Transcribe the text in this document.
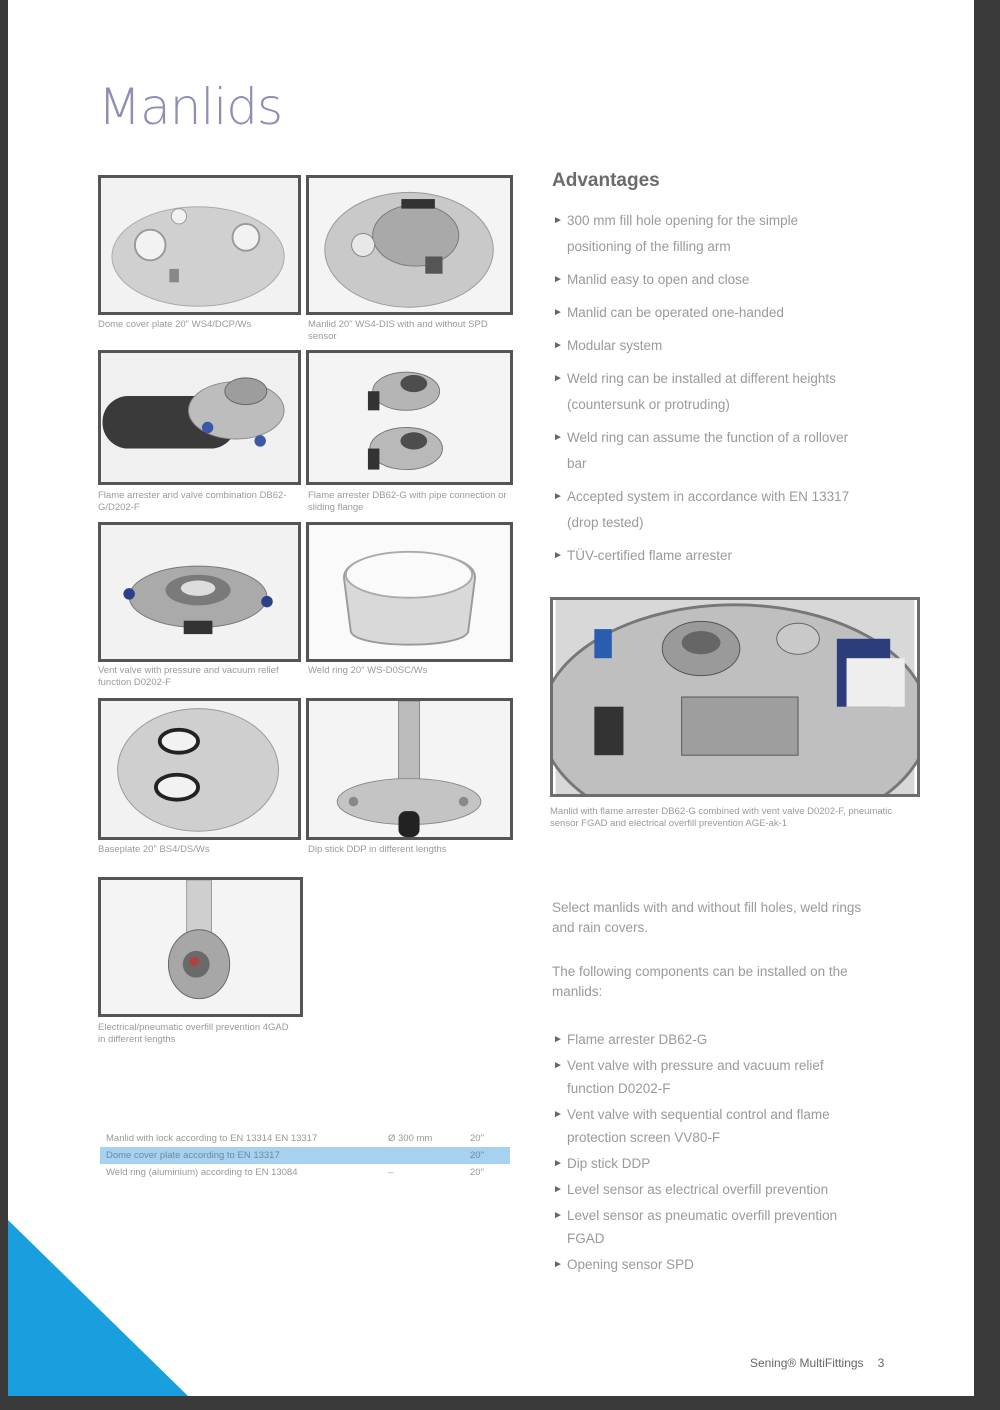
Manlids
Dome cover plate 20" WS4/DCP/Ws	Manlid 20" WS4-DIS with and without SPD sensor
Flame arrester and valve combination DB62-G/D202-F
Flame arrester DB62-G with pipe connection or sliding flange
Vent valve with pressure and vacuum relief function D0202-F
Weld ring 20" WS-D0SC/Ws
Baseplate 20" BS4/DS/Ws	Dip stick DDP in different lengths
Electrical/pneumatic overfill prevention 4GAD in different lengths
Advantages
► 300 mm fill hole opening for the simple positioning of the filling arm
► Manlid easy to open and close
► Manlid can be operated one-handed
► Modular system
► Weld ring can be installed at different heights (countersunk or protruding)
► Weld ring can assume the function of a rollover bar
► Accepted system in accordance with EN 13317 (drop tested)
► TÜV-certified flame arrester
Manlid with flame arrester DB62-G combined with vent valve D0202-F, pneumatic sensor FGAD and electrical overfill prevention AGE-ak-1

Select manlids with and without fill holes, weld rings and rain covers.

The following components can be installed on the manlids:

► Flame arrester DB62-G
► Vent valve with pressure and vacuum relief function D0202-F
► Vent valve with sequential control and flame protection screen VV80-F
► Dip stick DDP
► Level sensor as electrical overfill prevention
► Level sensor as pneumatic overfill prevention FGAD
► Opening sensor SPD
Manlid with lock according to EN 13314 EN 13317	Ø 300 mm	20"
Dome cover plate according to EN 13317		20"
Weld ring (aluminium) according to EN 13084	–	20"
Sening® MultiFittings 3
